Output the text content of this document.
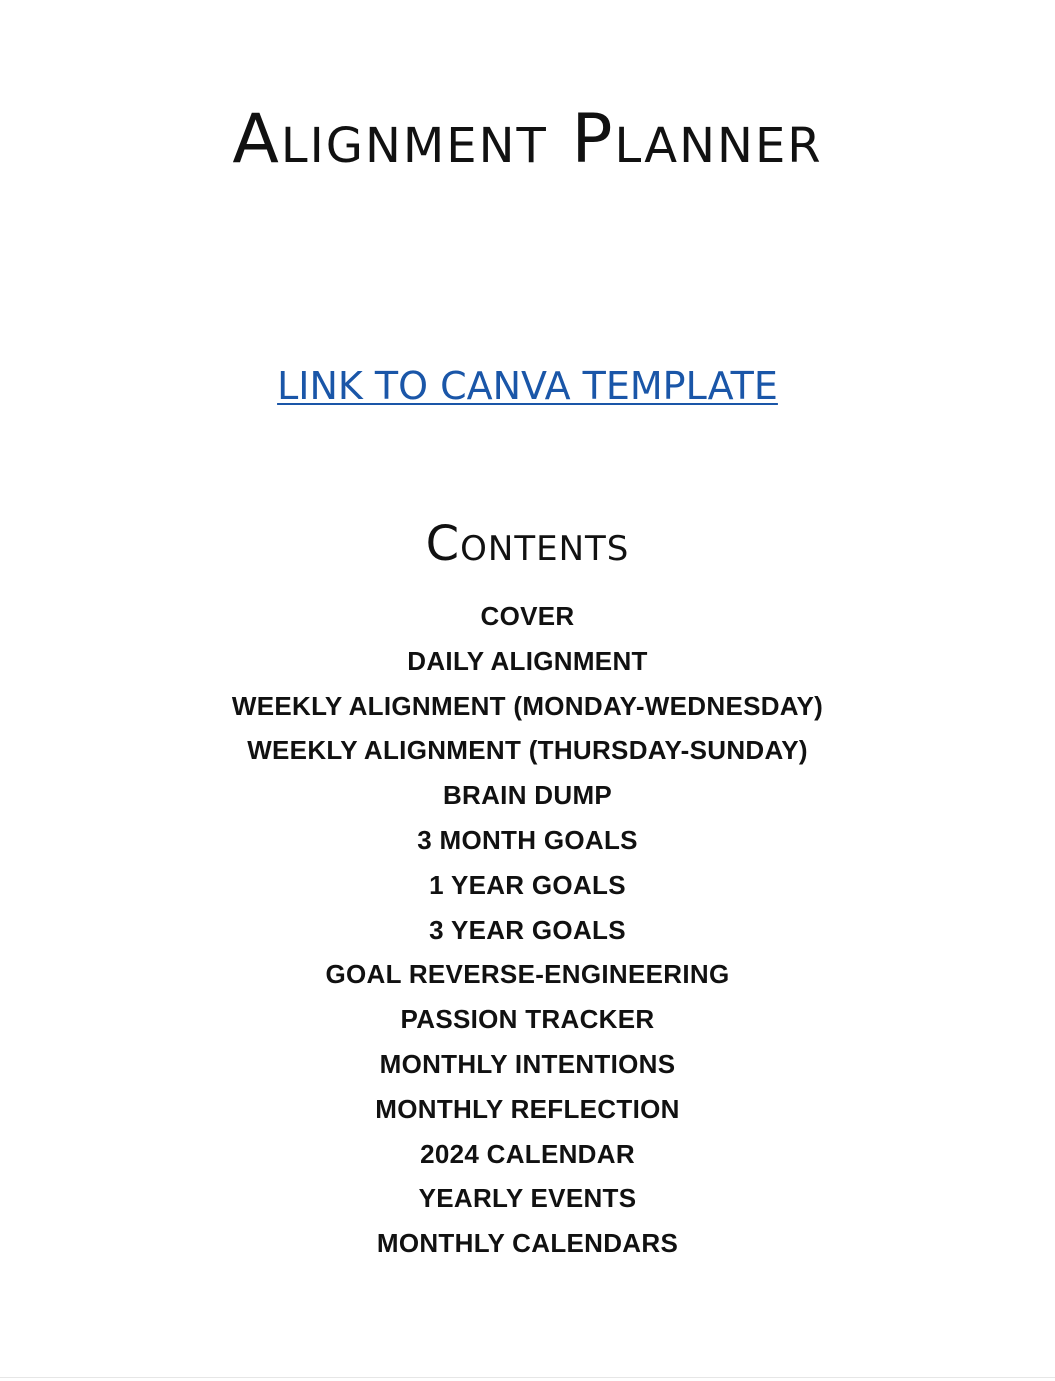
Alignment Planner
LINK TO CANVA TEMPLATE
Contents
COVER
DAILY ALIGNMENT
WEEKLY ALIGNMENT (MONDAY-WEDNESDAY)
WEEKLY ALIGNMENT (THURSDAY-SUNDAY)
BRAIN DUMP
3 MONTH GOALS
1 YEAR GOALS
3 YEAR GOALS
GOAL REVERSE-ENGINEERING
PASSION TRACKER
MONTHLY INTENTIONS
MONTHLY REFLECTION
2024 CALENDAR
YEARLY EVENTS
MONTHLY CALENDARS
